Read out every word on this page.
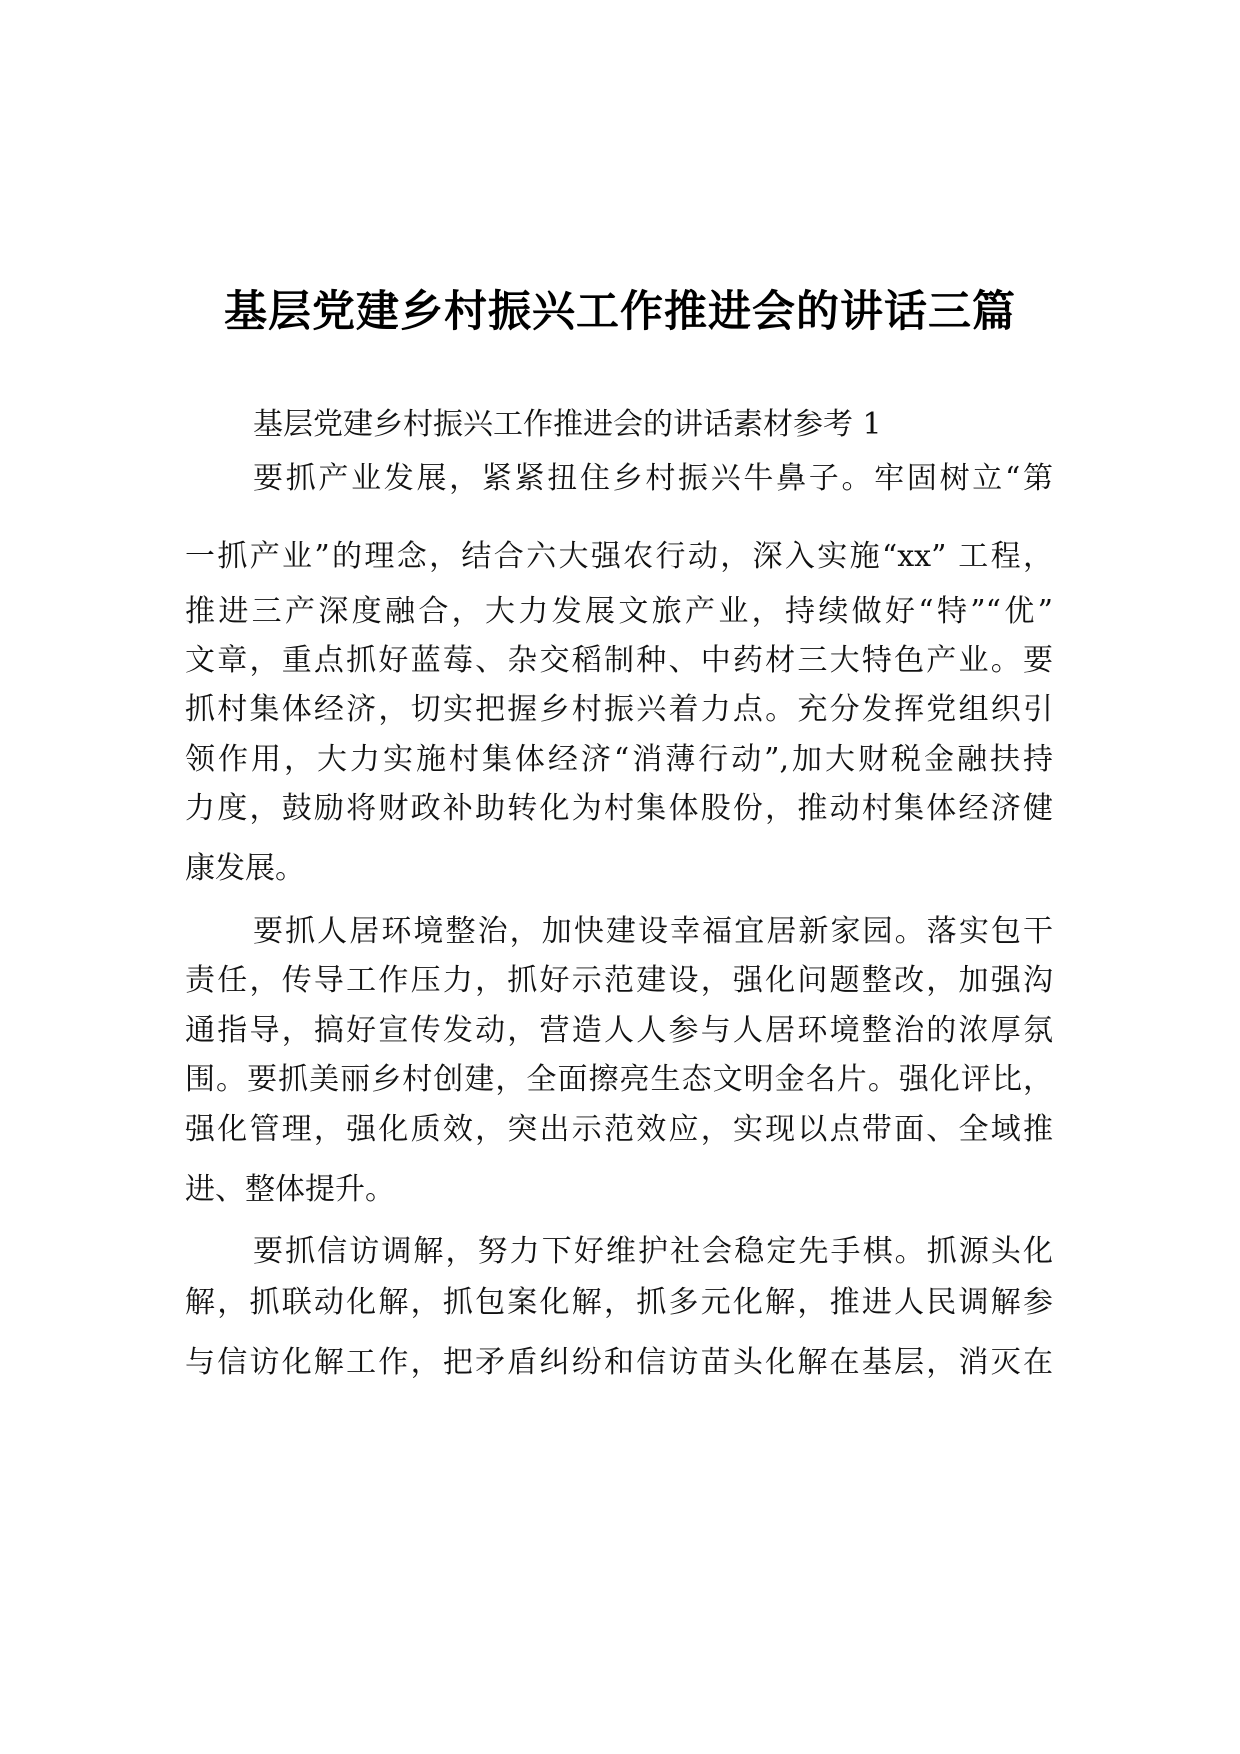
基层党建乡村振兴工作推进会的讲话三篇
基层党建乡村振兴工作推进会的讲话素材参考 1
要抓产业发展，紧紧扭住乡村振兴牛鼻子。牢固树立“第
一抓产业”的理念，结合六大强农行动，深入实施“xx” 工程，
推进三产深度融合，大力发展文旅产业，持续做好“特”“优”
文章，重点抓好蓝莓、杂交稻制种、中药材三大特色产业。要
抓村集体经济，切实把握乡村振兴着力点。充分发挥党组织引
领作用，大力实施村集体经济“消薄行动”,加大财税金融扶持
力度，鼓励将财政补助转化为村集体股份，推动村集体经济健
康发展。
要抓人居环境整治，加快建设幸福宜居新家园。落实包干
责任，传导工作压力，抓好示范建设，强化问题整改，加强沟
通指导，搞好宣传发动，营造人人参与人居环境整治的浓厚氛
围。要抓美丽乡村创建，全面擦亮生态文明金名片。强化评比，
强化管理，强化质效，突出示范效应，实现以点带面、全域推
进、整体提升。
要抓信访调解，努力下好维护社会稳定先手棋。抓源头化
解，抓联动化解，抓包案化解，抓多元化解，推进人民调解参
与信访化解工作，把矛盾纠纷和信访苗头化解在基层，消灭在
